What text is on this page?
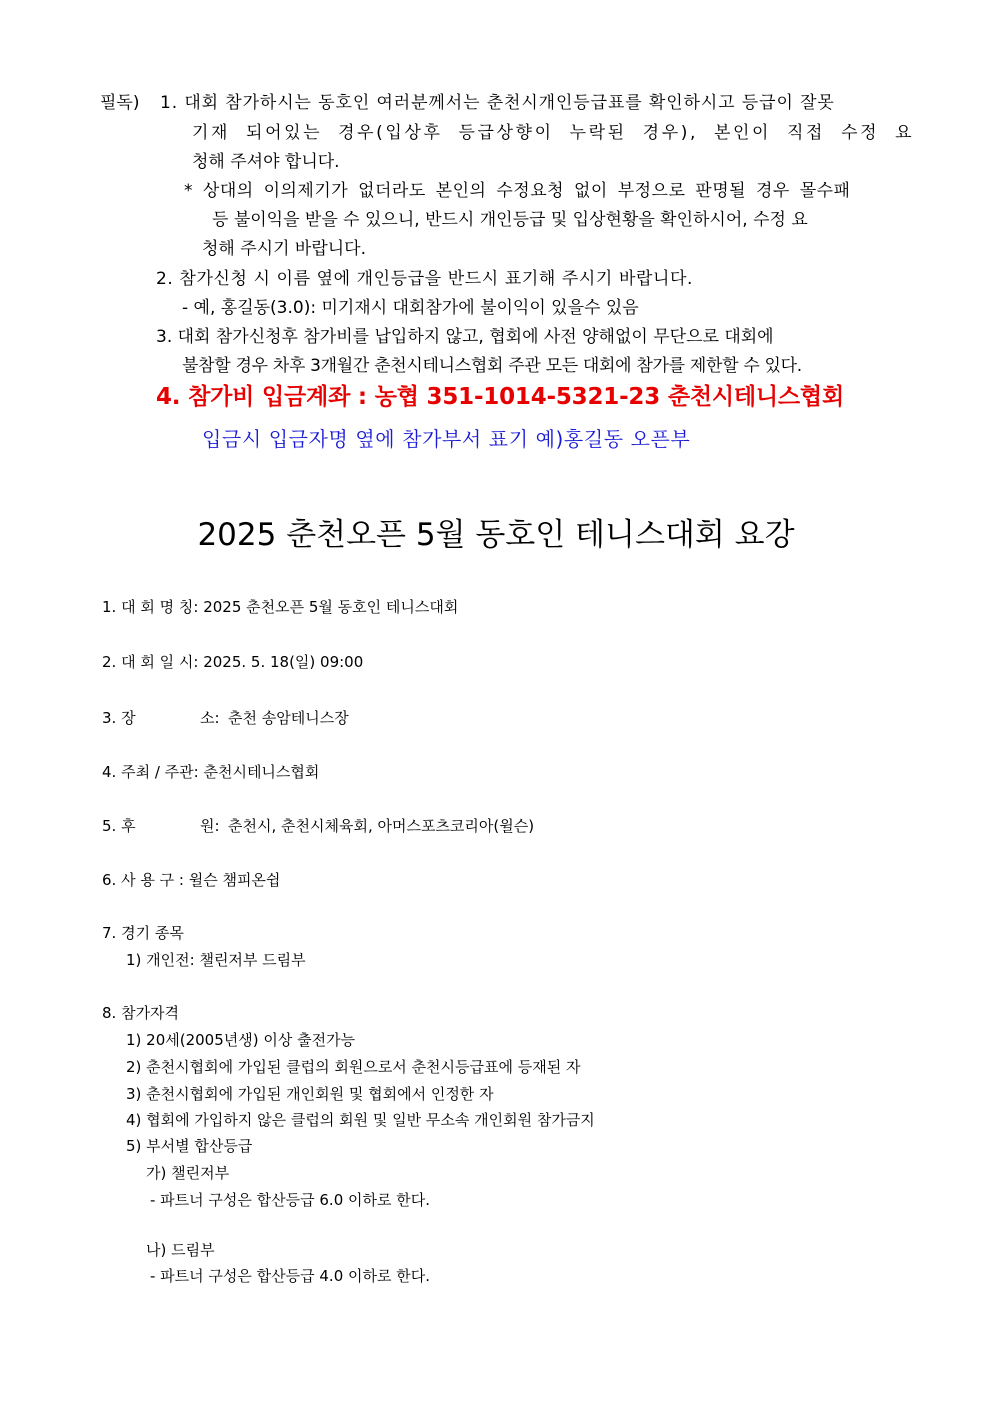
필독) 1. 대회 참가하시는 동호인 여러분께서는 춘천시개인등급표를 확인하시고 등급이 잘못
기재 되어있는 경우(입상후 등급상향이 누락된 경우), 본인이 직접 수정 요
청해 주셔야 합니다.
* 상대의 이의제기가 없더라도 본인의 수정요청 없이 부정으로 판명될 경우 몰수패
등 불이익을 받을 수 있으니, 반드시 개인등급 및 입상현황을 확인하시어, 수정 요
청해 주시기 바랍니다.
2. 참가신청 시 이름 옆에 개인등급을 반드시 표기해 주시기 바랍니다.
- 예, 홍길동(3.0): 미기재시 대회참가에 불이익이 있을수 있음
3. 대회 참가신청후 참가비를 납입하지 않고, 협회에 사전 양해없이 무단으로 대회에
불참할 경우 차후 3개월간 춘천시테니스협회 주관 모든 대회에 참가를 제한할 수 있다.
4. 참가비 입금계좌 : 농협 351-1014-5321-23 춘천시테니스협회
입금시 입금자명 옆에 참가부서 표기 예)홍길동 오픈부
2025 춘천오픈 5월 동호인 테니스대회 요강
1. 대 회 명 칭: 2025 춘천오픈 5월 동호인 테니스대회
2. 대 회 일 시: 2025. 5. 18(일) 09:00
3. 장	소: 춘천 송암테니스장
4. 주최 / 주관: 춘천시테니스협회
5. 후	원: 춘천시, 춘천시체육회, 아머스포츠코리아(윌슨)
6. 사 용 구 : 윌슨 챔피온쉽
7. 경기 종목
1) 개인전: 챌린저부 드림부
8. 참가자격
1) 20세(2005년생) 이상 출전가능
2) 춘천시협회에 가입된 클럽의 회원으로서 춘천시등급표에 등재된 자
3) 춘천시협회에 가입된 개인회원 및 협회에서 인정한 자
4) 협회에 가입하지 않은 클럽의 회원 및 일반 무소속 개인회원 참가금지
5) 부서별 합산등급
가) 챌린저부
- 파트너 구성은 합산등급 6.0 이하로 한다.
나) 드림부
- 파트너 구성은 합산등급 4.0 이하로 한다.
